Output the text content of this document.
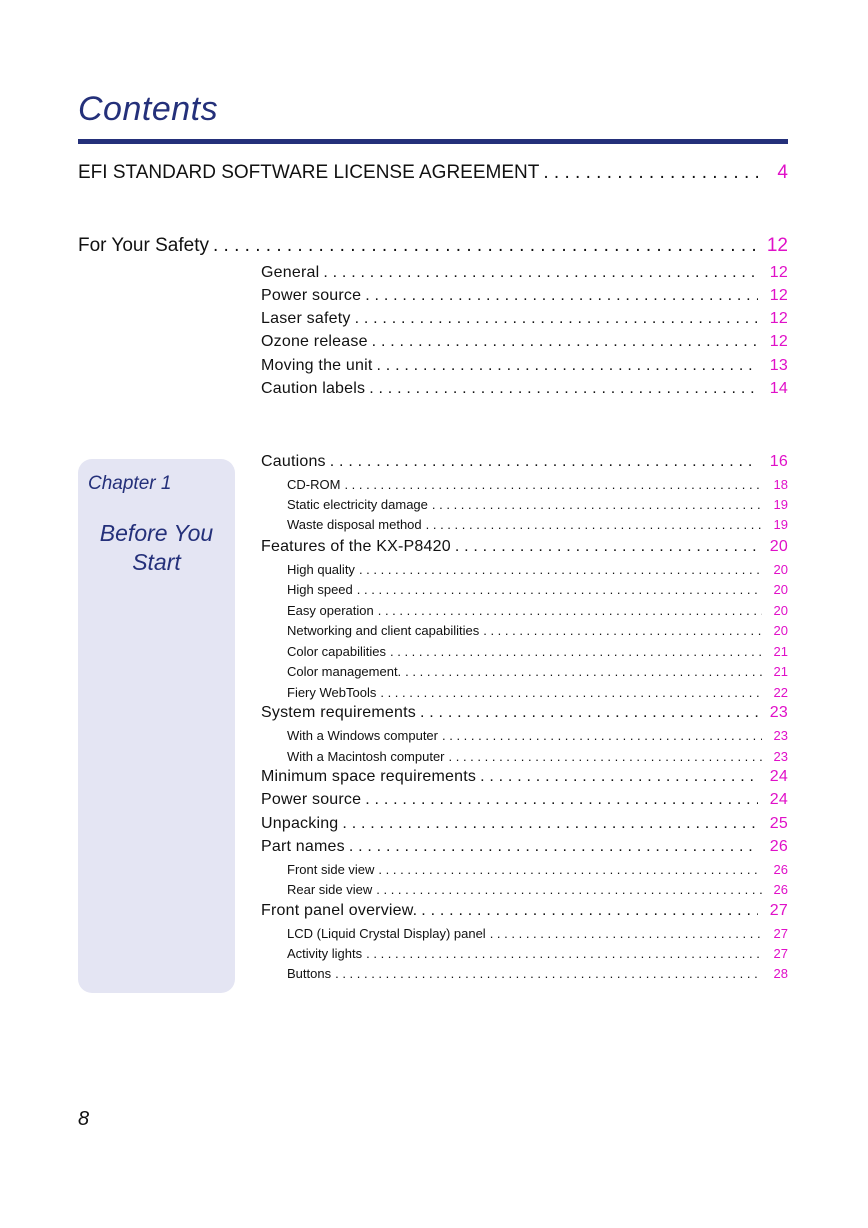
Contents
EFI STANDARD SOFTWARE LICENSE AGREEMENT . . .	4
For Your Safety . . .	12
General . . .	12
Power source . . .	12
Laser safety . . .	12
Ozone release . . .	12
Moving the unit . . .	13
Caution labels . . .	14
Chapter 1
Before You
Start
Cautions . . .	16
CD-ROM . . .	18
Static electricity damage . . .	19
Waste disposal method . . .	19
Features of the KX-P8420 . . .	20
High quality . . .	20
High speed . . .	20
Easy operation . . .	20
Networking and client capabilities . . .	20
Color capabilities . . .	21
Color management. . . .	21
Fiery WebTools . . .	22
System requirements . . .	23
With a Windows computer . . .	23
With a Macintosh computer . . .	23
Minimum space requirements . . .	24
Power source . . .	24
Unpacking . . .	25
Part names . . .	26
Front side view . . .	26
Rear side view . . .	26
Front panel overview. . . .	27
LCD (Liquid Crystal Display) panel . . .	27
Activity lights . . .	27
Buttons . . .	28
8
